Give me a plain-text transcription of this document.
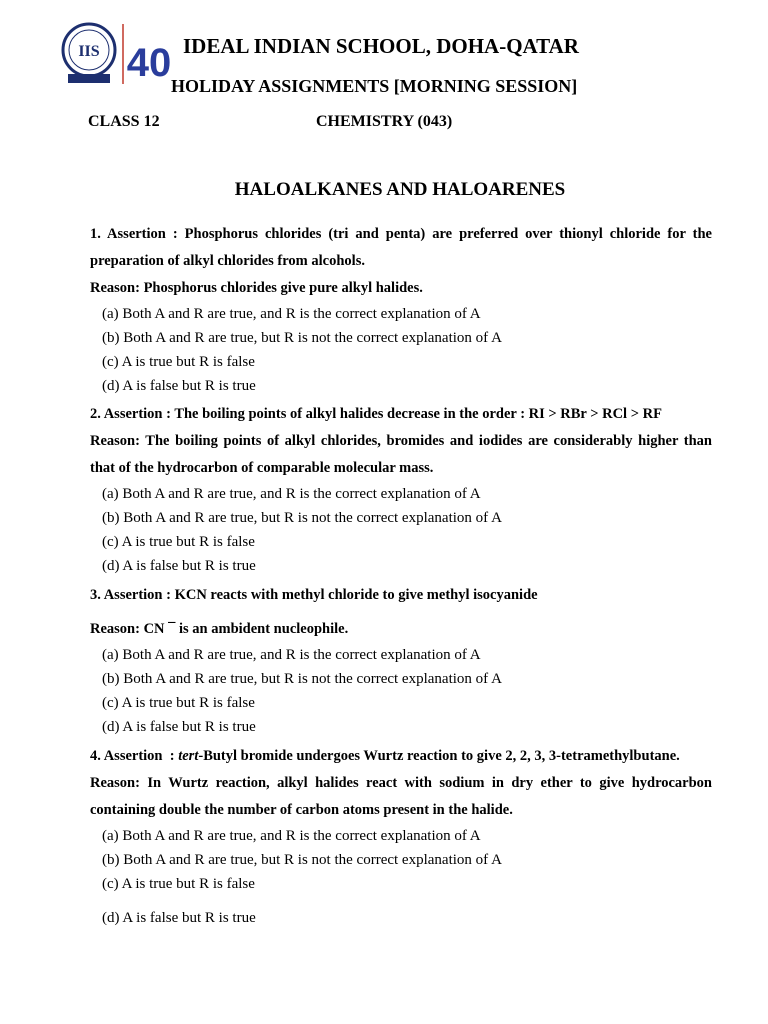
IIS 40 IDEAL INDIAN SCHOOL, DOHA-QATAR
HOLIDAY ASSIGNMENTS [MORNING SESSION]
CLASS 12	CHEMISTRY (043)
HALOALKANES AND HALOARENES
1. Assertion : Phosphorus chlorides (tri and penta) are preferred over thionyl chloride for the
preparation of alkyl chlorides from alcohols.
Reason: Phosphorus chlorides give pure alkyl halides.
(a) Both A and R are true, and R is the correct explanation of A
(b) Both A and R are true, but R is not the correct explanation of A
(c) A is true but R is false
(d) A is false but R is true
2. Assertion : The boiling points of alkyl halides decrease in the order : RI > RBr > RCl > RF
Reason: The boiling points of alkyl chlorides, bromides and iodides are considerably higher than
that of the hydrocarbon of comparable molecular mass.
(a) Both A and R are true, and R is the correct explanation of A
(b) Both A and R are true, but R is not the correct explanation of A
(c) A is true but R is false
(d) A is false but R is true
3. Assertion : KCN reacts with methyl chloride to give methyl isocyanide
Reason: CN ¯ is an ambident nucleophile.
(a) Both A and R are true, and R is the correct explanation of A
(b) Both A and R are true, but R is not the correct explanation of A
(c) A is true but R is false
(d) A is false but R is true
4. Assertion  : tert-Butyl bromide undergoes Wurtz reaction to give 2, 2, 3, 3-tetramethylbutane.
Reason: In Wurtz reaction, alkyl halides react with sodium in dry ether to give hydrocarbon
containing double the number of carbon atoms present in the halide.
(a) Both A and R are true, and R is the correct explanation of A
(b) Both A and R are true, but R is not the correct explanation of A
(c) A is true but R is false
(d) A is false but R is true
